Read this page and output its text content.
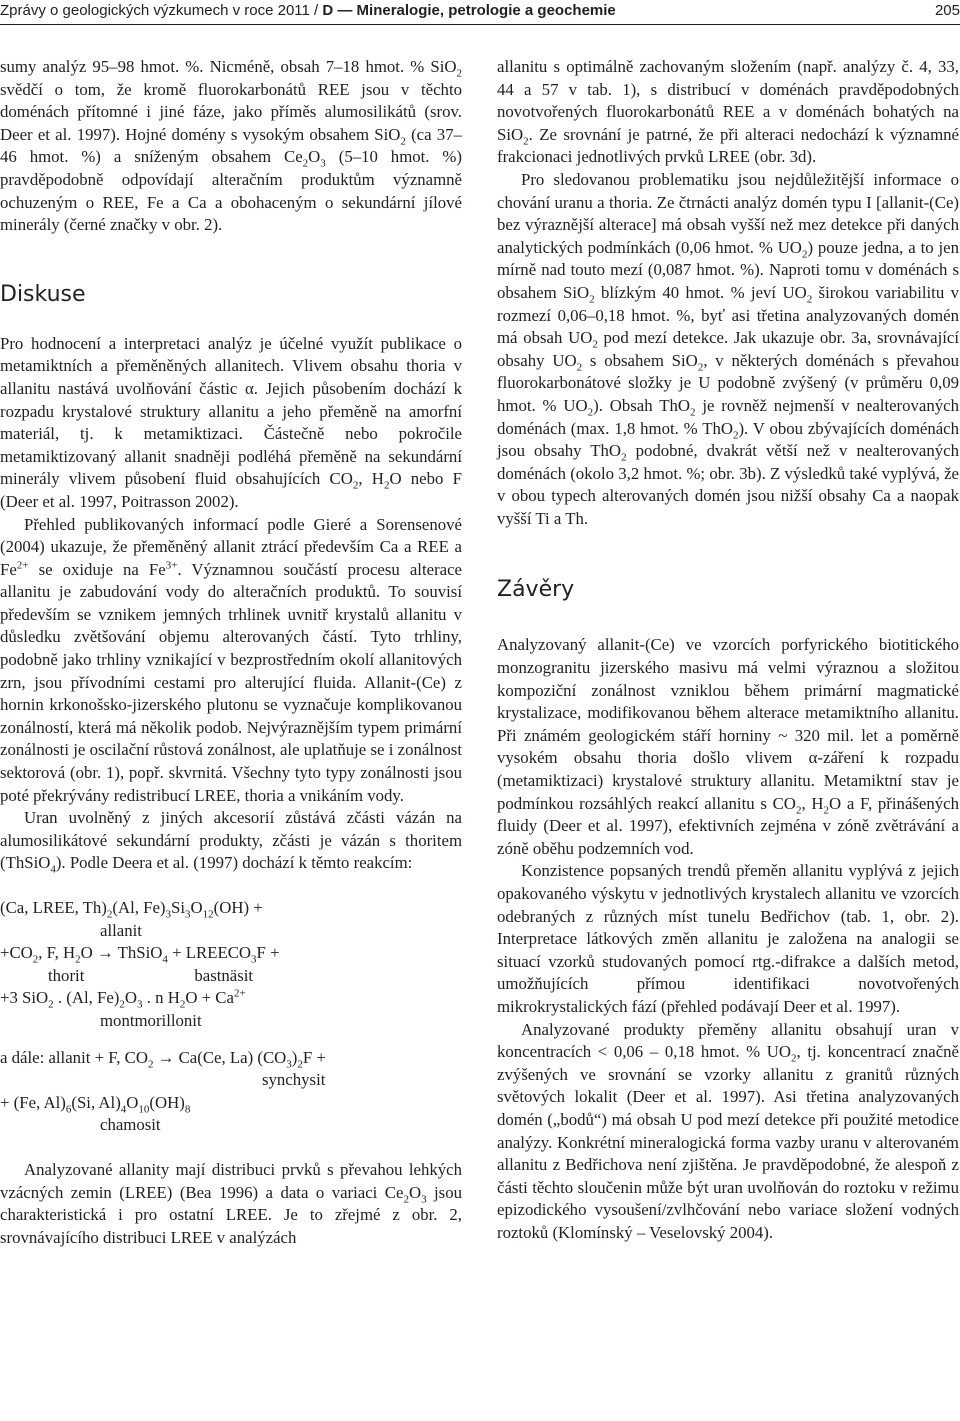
Zprávy o geologických výzkumech v roce 2011 / D — Mineralogie, petrologie a geochemie	205

sumy analýz 95–98 hmot. %. Nicméně, obsah 7–18 hmot. % SiO$_2$ svědčí o tom, že kromě fluorokarbonátů REE jsou v těchto doménách přítomné i jiné fáze, jako příměs alumosilikátů (srov. Deer et al. 1997). Hojné domény s vysokým obsahem SiO$_2$ (ca 37–46 hmot. %) a sníženým obsahem $Ce_2O_3$ (5–10 hmot. %) pravděpodobně odpovídají alteračním produktům významně ochuzeným o REE, Fe a Ca a obohaceným o sekundární jílové minerály (černé značky v obr. 2).

Diskuse

Pro hodnocení a interpretaci analýz je účelné využít publikace o metamiktních a přeměněných allanitech. Vlivem obsahu thoria v allanitu nastává uvolňování částic α. Jejich působením dochází k rozpadu krystalové struktury allanitu a jeho přeměně na amorfní materiál, tj. k metamiktizaci. Částečně nebo pokročile metamiktizovaný allanit snadněji podléhá přeměně na sekundární minerály vlivem působení fluid obsahujících $CO_2$, $H_2O$ nebo F (Deer et al. 1997, Poitrasson 2002).

Přehled publikovaných informací podle Gieré a Sorensenové (2004) ukazuje, že přeměněný allanit ztrácí především Ca a REE a $Fe^{2+}$ se oxiduje na $Fe^{3+}$. Významnou součástí procesu alterace allanitu je zabudování vody do alteračních produktů. To souvisí především se vznikem jemných trhlinek uvnitř krystalů allanitu v důsledku zvětšování objemu alterovaných částí. Tyto trhliny, podobně jako trhliny vznikající v bezprostředním okolí allanitových zrn, jsou přívodními cestami pro alterující fluida. Allanit-(Ce) z hornin krkonošsko-jizerského plutonu se vyznačuje komplikovanou zonálností, která má několik podob. Nejvýraznějším typem primární zonálnosti je oscilační růstová zonálnost, ale uplatňuje se i zonálnost sektorová (obr. 1), popř. skvrnitá. Všechny tyto typy zonálnosti jsou poté překrývány redistribucí LREE, thoria a vnikáním vody.

Uran uvolněný z jiných akcesorií zůstává zčásti vázán na alumosilikátové sekundární produkty, zčásti je vázán s thoritem (ThSiO$_4$). Podle Deera et al. (1997) dochází k těmto reakcím:

(Ca, LREE, $Th)_2(Al$, $Fe)_3Si_3O_{12}(OH)$ +
allanit
$+CO_2$, F, $H_2O$ → ThSiO$_4$ + $LREECO_3F$ +
thorit	bastnäsit
+3 SiO$_2$ . (Al, $Fe)_2O_3$ . n $H_2O + Ca^{2+}$
montmorillonit
a dále: allanit + F, $CO_2 \to Ca(Ce$, La) $(CO_3)_2F$ +
synchysit
+ (Fe, $Al)_6(Si$, $Al)_4O_{10}(OH)_8$
chamosit

Analyzované allanity mají distribuci prvků s převahou lehkých vzácných zemin (LREE) (Bea 1996) a data o variaci $Ce_2O_3$ jsou charakteristická i pro ostatní LREE. Je to zřejmé z obr. 2, srovnávajícího distribuci LREE v analýzách

allanitu s optimálně zachovaným složením (např. analýzy č. 4, 33, 44 a 57 v tab. 1), s distribucí v doménách pravděpodobných novotvořených fluorokarbonátů REE a v doménách bohatých na SiO$_2$. Ze srovnání je patrné, že při alteraci nedochází k významné frakcionaci jednotlivých prvků LREE (obr. 3d).

Pro sledovanou problematiku jsou nejdůležitější informace o chování uranu a thoria. Ze čtrnácti analýz domén typu I [allanit-(Ce) bez výraznější alterace] má obsah vyšší než mez detekce při daných analytických podmínkách (0,06 hmot. % $UO_2$) pouze jedna, a to jen mírně nad touto mezí (0,087 hmot. %). Naproti tomu v doménách s obsahem SiO$_2$ blízkým 40 hmot. % jeví $UO_2$ širokou variabilitu v rozmezí 0,06–0,18 hmot. %, byť asi třetina analyzovaných domén má obsah $UO_2$ pod mezí detekce. Jak ukazuje obr. 3a, srovnávající obsahy $UO_2$ s obsahem SiO$_2$, v některých doménách s převahou fluorokarbonátové složky je U podobně zvýšený (v průměru 0,09 hmot. % $UO_2$). Obsah ThO$_2$ je rovněž nejmenší v nealterovaných doménách (max. 1,8 hmot. % ThO$_2$). V obou zbývajících doménách jsou obsahy ThO$_2$ podobné, dvakrát větší než v nealterovaných doménách (okolo 3,2 hmot. %; obr. 3b). Z výsledků také vyplývá, že v obou typech alterovaných domén jsou nižší obsahy Ca a naopak vyšší Ti a Th.

Závěry

Analyzovaný allanit-(Ce) ve vzorcích porfyrického biotitického monzogranitu jizerského masivu má velmi výraznou a složitou kompoziční zonálnost vzniklou během primární magmatické krystalizace, modifikovanou během alterace metamiktního allanitu. Při známém geologickém stáří horniny ~ 320 mil. let a poměrně vysokém obsahu thoria došlo vlivem α-záření k rozpadu (metamiktizaci) krystalové struktury allanitu. Metamiktní stav je podmínkou rozsáhlých reakcí allanitu s $CO_2$, $H_2O$ a F, přinášených fluidy (Deer et al. 1997), efektivních zejména v zóně zvětrávání a zóně oběhu podzemních vod.

Konzistence popsaných trendů přeměn allanitu vyplývá z jejich opakovaného výskytu v jednotlivých krystalech allanitu ve vzorcích odebraných z různých míst tunelu Bedřichov (tab. 1, obr. 2). Interpretace látkových změn allanitu je založena na analogii se situací vzorků studovaných pomocí rtg.-difrakce a dalších metod, umožňujících přímou identifikaci novotvořených mikrokrystalických fází (přehled podávají Deer et al. 1997).

Analyzované produkty přeměny allanitu obsahují uran v koncentracích < 0,06 – 0,18 hmot. % $UO_2$, tj. koncentrací značně zvýšených ve srovnání se vzorky allanitu z granitů různých světových lokalit (Deer et al. 1997). Asi třetina analyzovaných domén („bodů“) má obsah U pod mezí detekce při použité metodice analýzy. Konkrétní mineralogická forma vazby uranu v alterovaném allanitu z Bedřichova není zjištěna. Je pravděpodobné, že alespoň z části těchto sloučenin může být uran uvolňován do roztoku v režimu epizodického vysoušení/zvlhčování nebo variace složení vodných roztoků (Klomínský – Veselovský 2004).
